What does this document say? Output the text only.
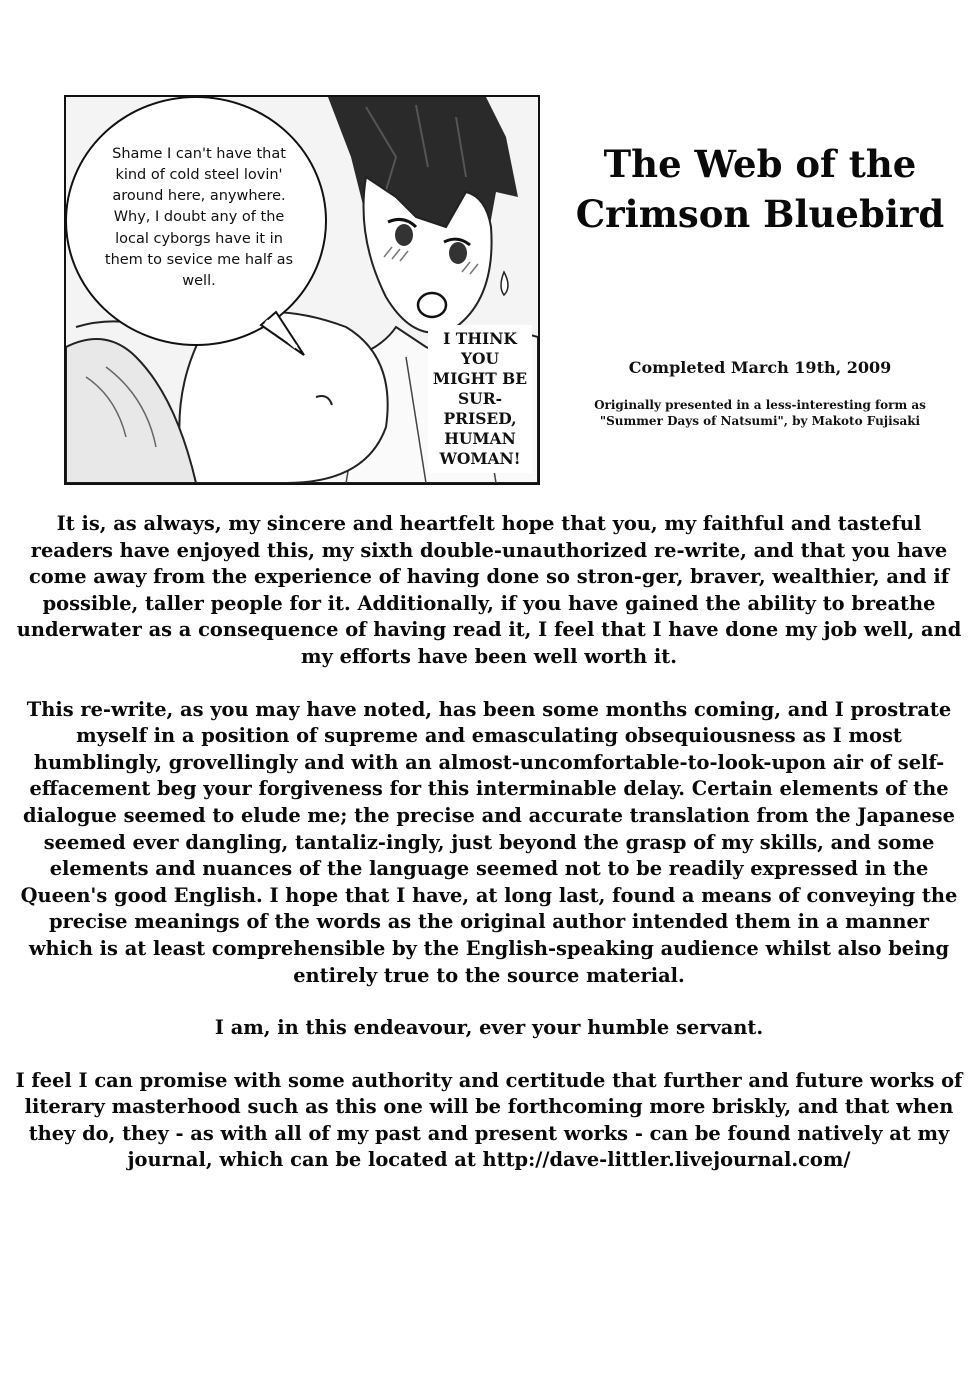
Shame I can't have that kind of cold steel lovin' around here, anywhere. Why, I doubt any of the local cyborgs have it in them to sevice me half as well.
I THINK YOU MIGHT BE SUR-PRISED, HUMAN WOMAN!
The Web of the Crimson Bluebird
Completed March 19th, 2009
Originally presented in a less-interesting form as "Summer Days of Natsumi", by Makoto Fujisaki

It is, as always, my sincere and heartfelt hope that you, my faithful and tasteful readers have enjoyed this, my sixth double-unauthorized re-write, and that you have come away from the experience of having done so stron-ger, braver, wealthier, and if possible, taller people for it. Additionally, if you have gained the ability to breathe underwater as a consequence of having read it, I feel that I have done my job well, and my efforts have been well worth it.

This re-write, as you may have noted, has been some months coming, and I prostrate myself in a position of supreme and emasculating obsequiousness as I most humblingly, grovellingly and with an almost-uncomfortable-to-look-upon air of self-effacement beg your forgiveness for this interminable delay. Certain elements of the dialogue seemed to elude me; the precise and accurate translation from the Japanese seemed ever dangling, tantaliz-ingly, just beyond the grasp of my skills, and some elements and nuances of the language seemed not to be readily expressed in the Queen's good English. I hope that I have, at long last, found a means of conveying the precise meanings of the words as the original author intended them in a manner which is at least comprehensible by the English-speaking audience whilst also being entirely true to the source material.

I am, in this endeavour, ever your humble servant.

I feel I can promise with some authority and certitude that further and future works of literary masterhood such as this one will be forthcoming more briskly, and that when they do, they - as with all of my past and present works - can be found natively at my journal, which can be located at http://dave-littler.livejournal.com/
